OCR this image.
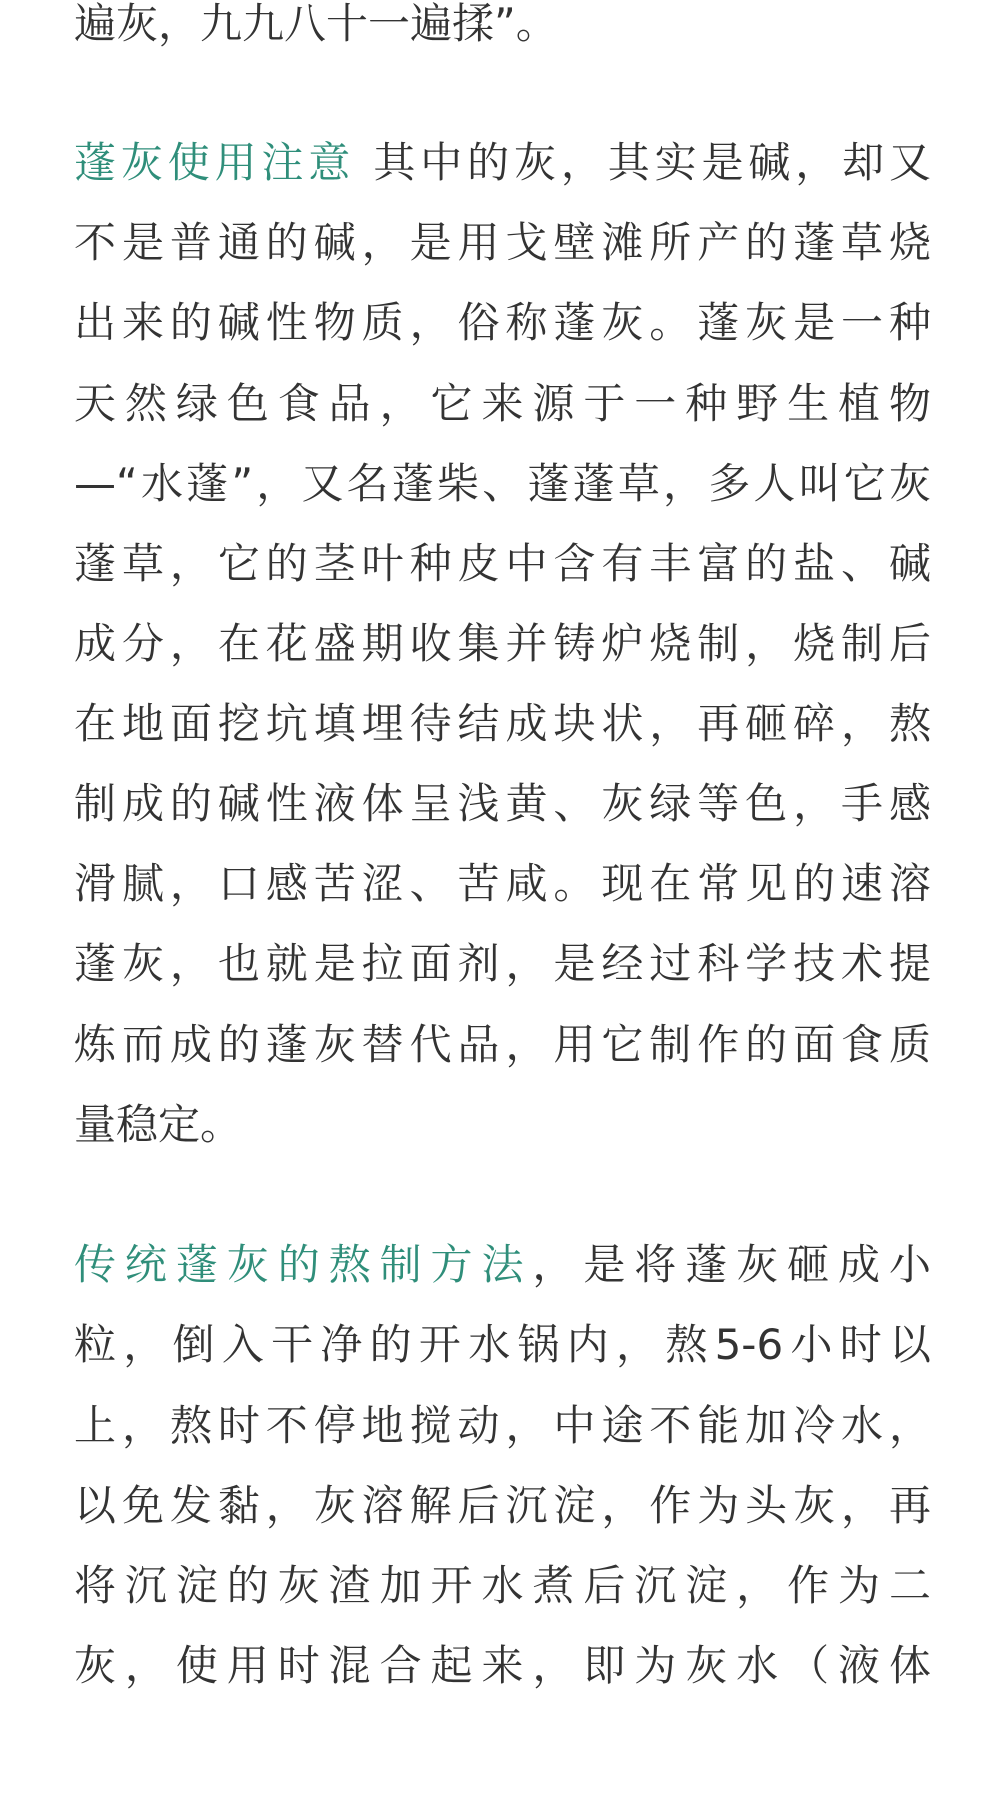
遍灰，九九八十一遍揉”。
蓬灰使用注意 其中的灰，其实是碱，却又
不是普通的碱，是用戈壁滩所产的蓬草烧
出来的碱性物质，俗称蓬灰。蓬灰是一种
天然绿色食品，它来源于一种野生植物
—“水蓬”，又名蓬柴、蓬蓬草，多人叫它灰
蓬草，它的茎叶种皮中含有丰富的盐、碱
成分，在花盛期收集并铸炉烧制，烧制后
在地面挖坑填埋待结成块状，再砸碎，熬
制成的碱性液体呈浅黄、灰绿等色，手感
滑腻，口感苦涩、苦咸。现在常见的速溶
蓬灰，也就是拉面剂，是经过科学技术提
炼而成的蓬灰替代品，用它制作的面食质
量稳定。
传统蓬灰的熬制方法，是将蓬灰砸成小
粒，倒入干净的开水锅内，熬5-6小时以
上，熬时不停地搅动，中途不能加冷水，
以免发黏，灰溶解后沉淀，作为头灰，再
将沉淀的灰渣加开水煮后沉淀，作为二
灰，使用时混合起来，即为灰水（液体
